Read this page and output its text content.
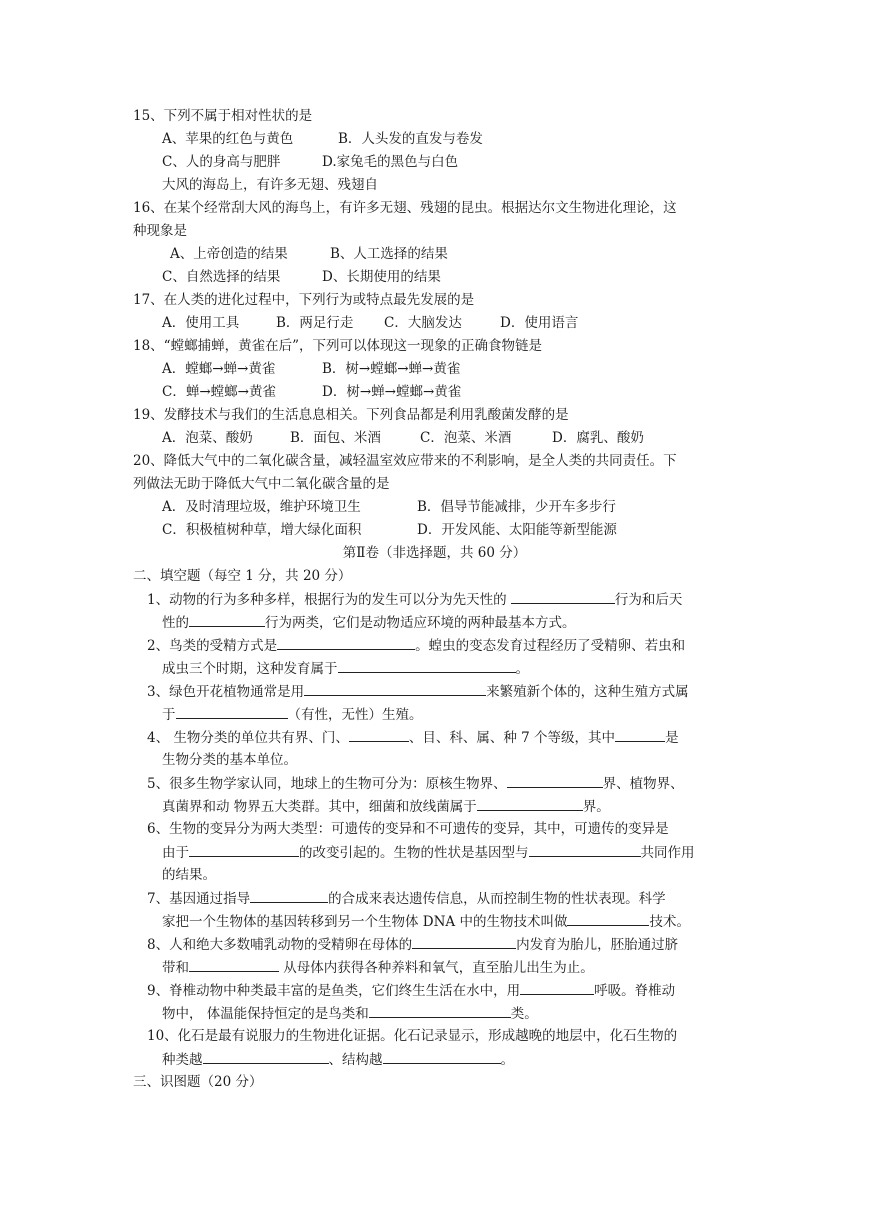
15、下列不属于相对性状的是
A、苹果的红色与黄色	B．人头发的直发与卷发
C、人的身高与肥胖	D.家兔毛的黑色与白色
大风的海岛上，有许多无翅、残翅自
16、在某个经常刮大风的海鸟上，有许多无翅、残翅的昆虫。根据达尔文生物进化理论，这
种现象是
A、上帝创造的结果	B、人工选择的结果
C、自然选择的结果	D、长期使用的结果
17、在人类的进化过程中，下列行为或特点最先发展的是
A．使用工具	B．两足行走 C．大脑发达	D．使用语言
18、“螳螂捕蝉，黄雀在后”，下列可以体现这一现象的正确食物链是
A．螳螂→蝉→黄雀	B．树→螳螂→蝉→黄雀
C．蝉→螳螂→黄雀	D．树→蝉→螳螂→黄雀
19、发酵技术与我们的生活息息相关。下列食品都是利用乳酸菌发酵的是
A．泡菜、酸奶	B．面包、米酒	C．泡菜、米酒	D．腐乳、酸奶
20、降低大气中的二氧化碳含量，减轻温室效应带来的不利影响，是全人类的共同责任。下
列做法无助于降低大气中二氧化碳含量的是
A．及时清理垃圾，维护环境卫生	B．倡导节能减排，少开车多步行
C．积极植树种草，增大绿化面积	D．开发风能、太阳能等新型能源
第Ⅱ卷（非选择题，共 60 分）
二、填空题（每空 1 分，共 20 分）
1、动物的行为多种多样，根据行为的发生可以分为先天性的	行为和后天
性的	行为两类，它们是动物适应环境的两种最基本方式。
2、鸟类的受精方式是	。蝗虫的变态发育过程经历了受精卵、若虫和
成虫三个时期，这种发育属于	。
3、绿色开花植物通常是用	来繁殖新个体的，这种生殖方式属
于	（有性，无性）生殖。
4、 生物分类的单位共有界、门、	、目、科、属、种 7 个等级，其中	是
生物分类的基本单位。
5、很多生物学家认同，地球上的生物可分为：原核生物界、	界、植物界、
真菌界和动 物界五大类群。其中，细菌和放线菌属于	界。
6、生物的变异分为两大类型：可遗传的变异和不可遗传的变异，其中，可遗传的变异是
由于	的改变引起的。生物的性状是基因型与	共同作用
的结果。
7、基因通过指导	的合成来表达遗传信息，从而控制生物的性状表现。科学
家把一个生物体的基因转移到另一个生物体 DNA 中的生物技术叫做	技术。
8、人和绝大多数哺乳动物的受精卵在母体的	内发育为胎儿，胚胎通过脐
带和	从母体内获得各种养料和氧气，直至胎儿出生为止。
9、脊椎动物中种类最丰富的是鱼类，它们终生生活在水中，用	呼吸。脊椎动
物中， 体温能保持恒定的是鸟类和	类。
10、化石是最有说服力的生物进化证据。化石记录显示，形成越晚的地层中，化石生物的
种类越	、结构越	。
三、识图题（20 分）
